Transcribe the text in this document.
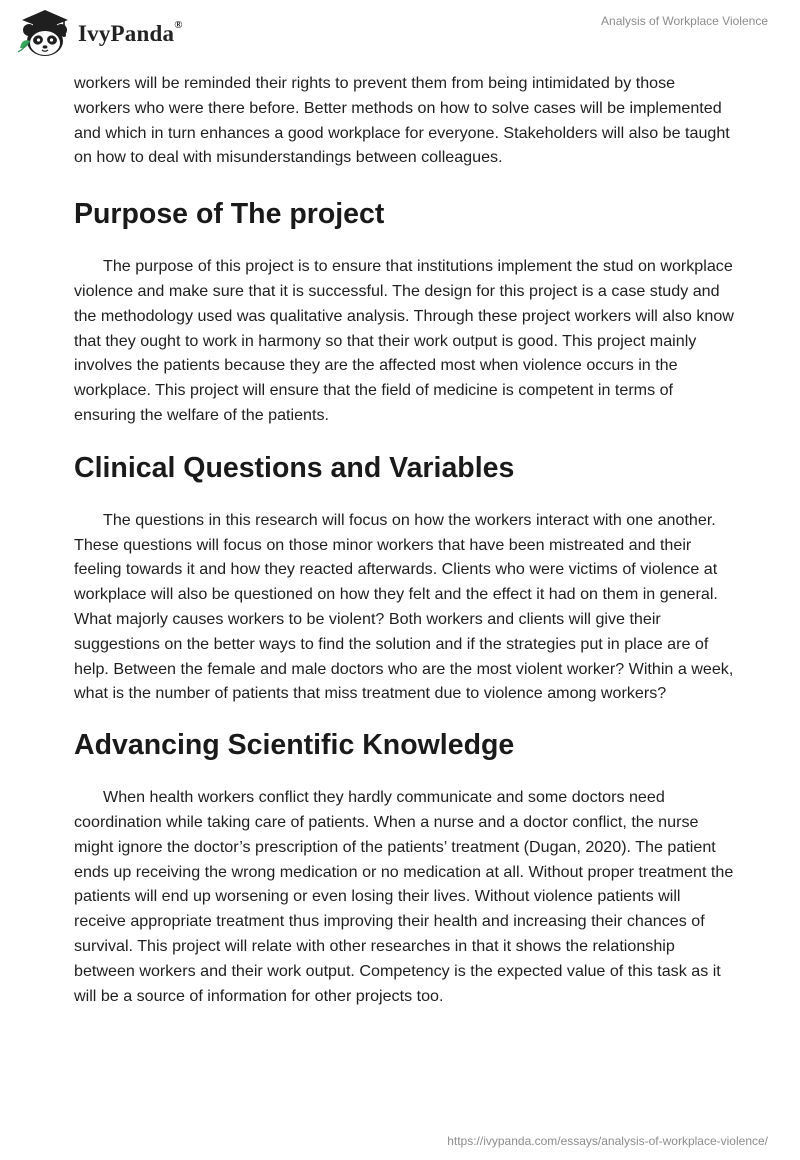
IvyPanda®	Analysis of Workplace Violence

workers will be reminded their rights to prevent them from being intimidated by those workers who were there before. Better methods on how to solve cases will be implemented and which in turn enhances a good workplace for everyone. Stakeholders will also be taught on how to deal with misunderstandings between colleagues.

Purpose of The project

The purpose of this project is to ensure that institutions implement the stud on workplace violence and make sure that it is successful. The design for this project is a case study and the methodology used was qualitative analysis. Through these project workers will also know that they ought to work in harmony so that their work output is good. This project mainly involves the patients because they are the affected most when violence occurs in the workplace. This project will ensure that the field of medicine is competent in terms of ensuring the welfare of the patients.

Clinical Questions and Variables

The questions in this research will focus on how the workers interact with one another. These questions will focus on those minor workers that have been mistreated and their feeling towards it and how they reacted afterwards. Clients who were victims of violence at workplace will also be questioned on how they felt and the effect it had on them in general. What majorly causes workers to be violent? Both workers and clients will give their suggestions on the better ways to find the solution and if the strategies put in place are of help. Between the female and male doctors who are the most violent worker? Within a week, what is the number of patients that miss treatment due to violence among workers?

Advancing Scientific Knowledge

When health workers conflict they hardly communicate and some doctors need coordination while taking care of patients. When a nurse and a doctor conflict, the nurse might ignore the doctor’s prescription of the patients’ treatment (Dugan, 2020). The patient ends up receiving the wrong medication or no medication at all. Without proper treatment the patients will end up worsening or even losing their lives. Without violence patients will receive appropriate treatment thus improving their health and increasing their chances of survival. This project will relate with other researches in that it shows the relationship between workers and their work output. Competency is the expected value of this task as it will be a source of information for other projects too.

https://ivypanda.com/essays/analysis-of-workplace-violence/
